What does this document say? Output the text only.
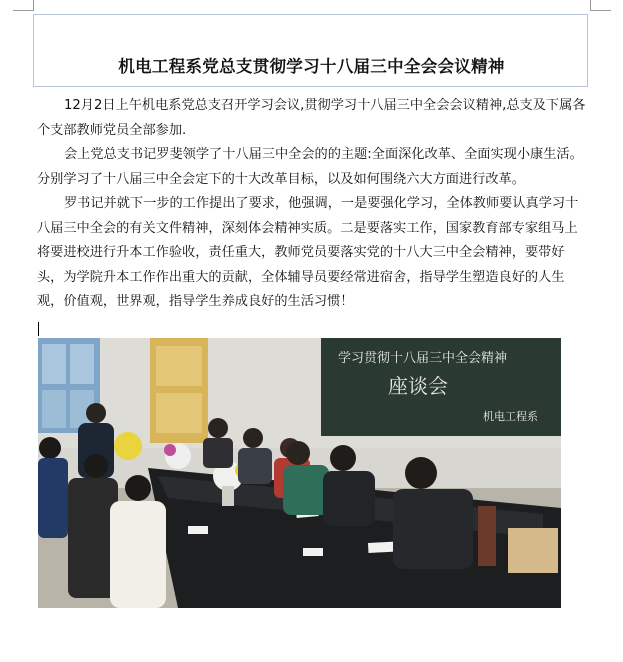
机电工程系党总支贯彻学习十八届三中全会会议精神

12月2日上午机电系党总支召开学习会议,贯彻学习十八届三中全会会议精神,总支及下属各个支部教师党员全部参加.

会上党总支书记罗斐领学了十八届三中全会的的主题:全面深化改革、全面实现小康生活。分别学习了十八届三中全会定下的十大改革目标，以及如何围绕六大方面进行改革。

罗书记并就下一步的工作提出了要求，他强调，一是要强化学习，全体教师要认真学习十八届三中全会的有关文件精神，深刻体会精神实质。二是要落实工作，国家教育部专家组马上将要进校进行升本工作验收，责任重大，教师党员要落实党的十八大三中全会精神，要带好头，为学院升本工作作出重大的贡献，全体辅导员要经常进宿舍，指导学生塑造良好的人生观，价值观，世界观，指导学生养成良好的生活习惯！

学习贯彻十八届三中全会精神
座谈会
机电工程系
